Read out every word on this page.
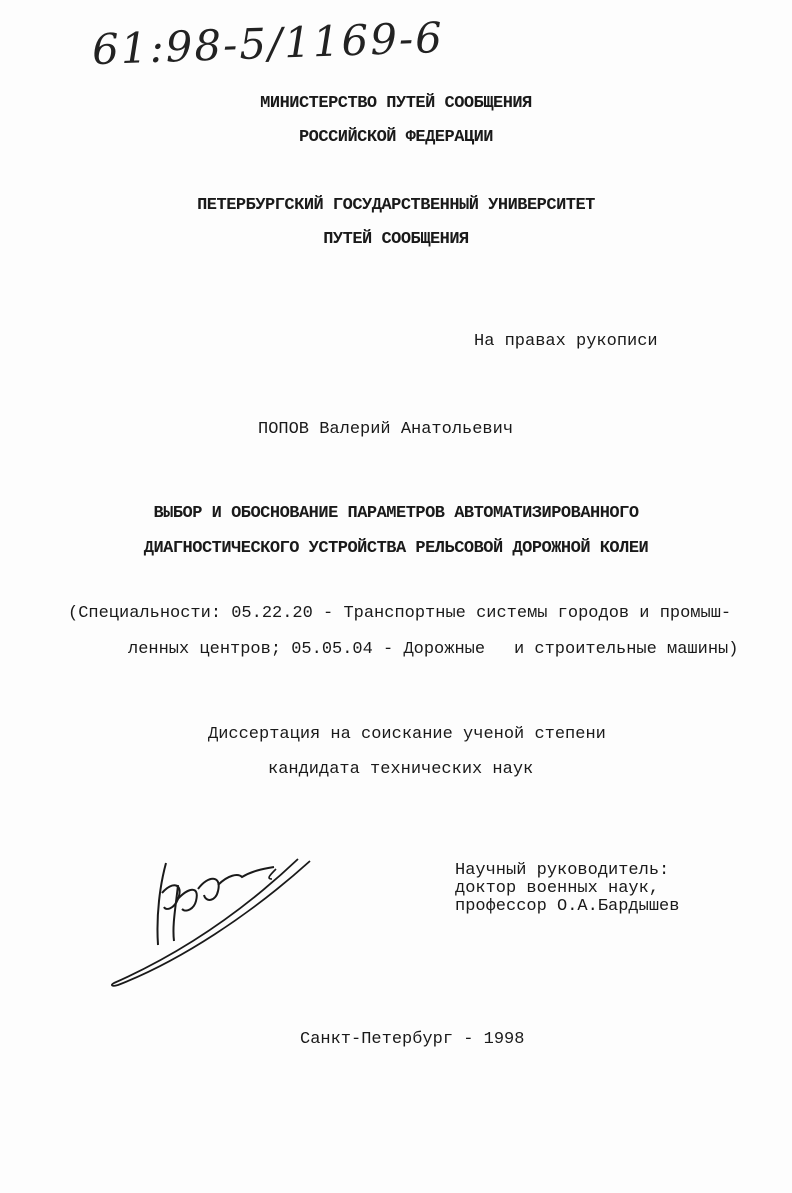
61:98-5/1169-6
МИНИСТЕРСТВО ПУТЕЙ СООБЩЕНИЯ
РОССИЙСКОЙ ФЕДЕРАЦИИ
ПЕТЕРБУРГСКИЙ ГОСУДАРСТВЕННЫЙ УНИВЕРСИТЕТ
ПУТЕЙ СООБЩЕНИЯ
На правах рукописи
ПОПОВ Валерий Анатольевич
ВЫБОР И ОБОСНОВАНИЕ ПАРАМЕТРОВ АВТОМАТИЗИРОВАННОГО
ДИАГНОСТИЧЕСКОГО УСТРОЙСТВА РЕЛЬСОВОЙ ДОРОЖНОЙ КОЛЕИ
(Специальности: 05.22.20 - Транспортные системы городов и промыш-
ленных центров; 05.05.04 - Дорожные и строительные машины)
Диссертация на соискание ученой степени
кандидата технических наук
Научный руководитель:
доктор военных наук,
профессор О.А.Бардышев
Санкт-Петербург - 1998
